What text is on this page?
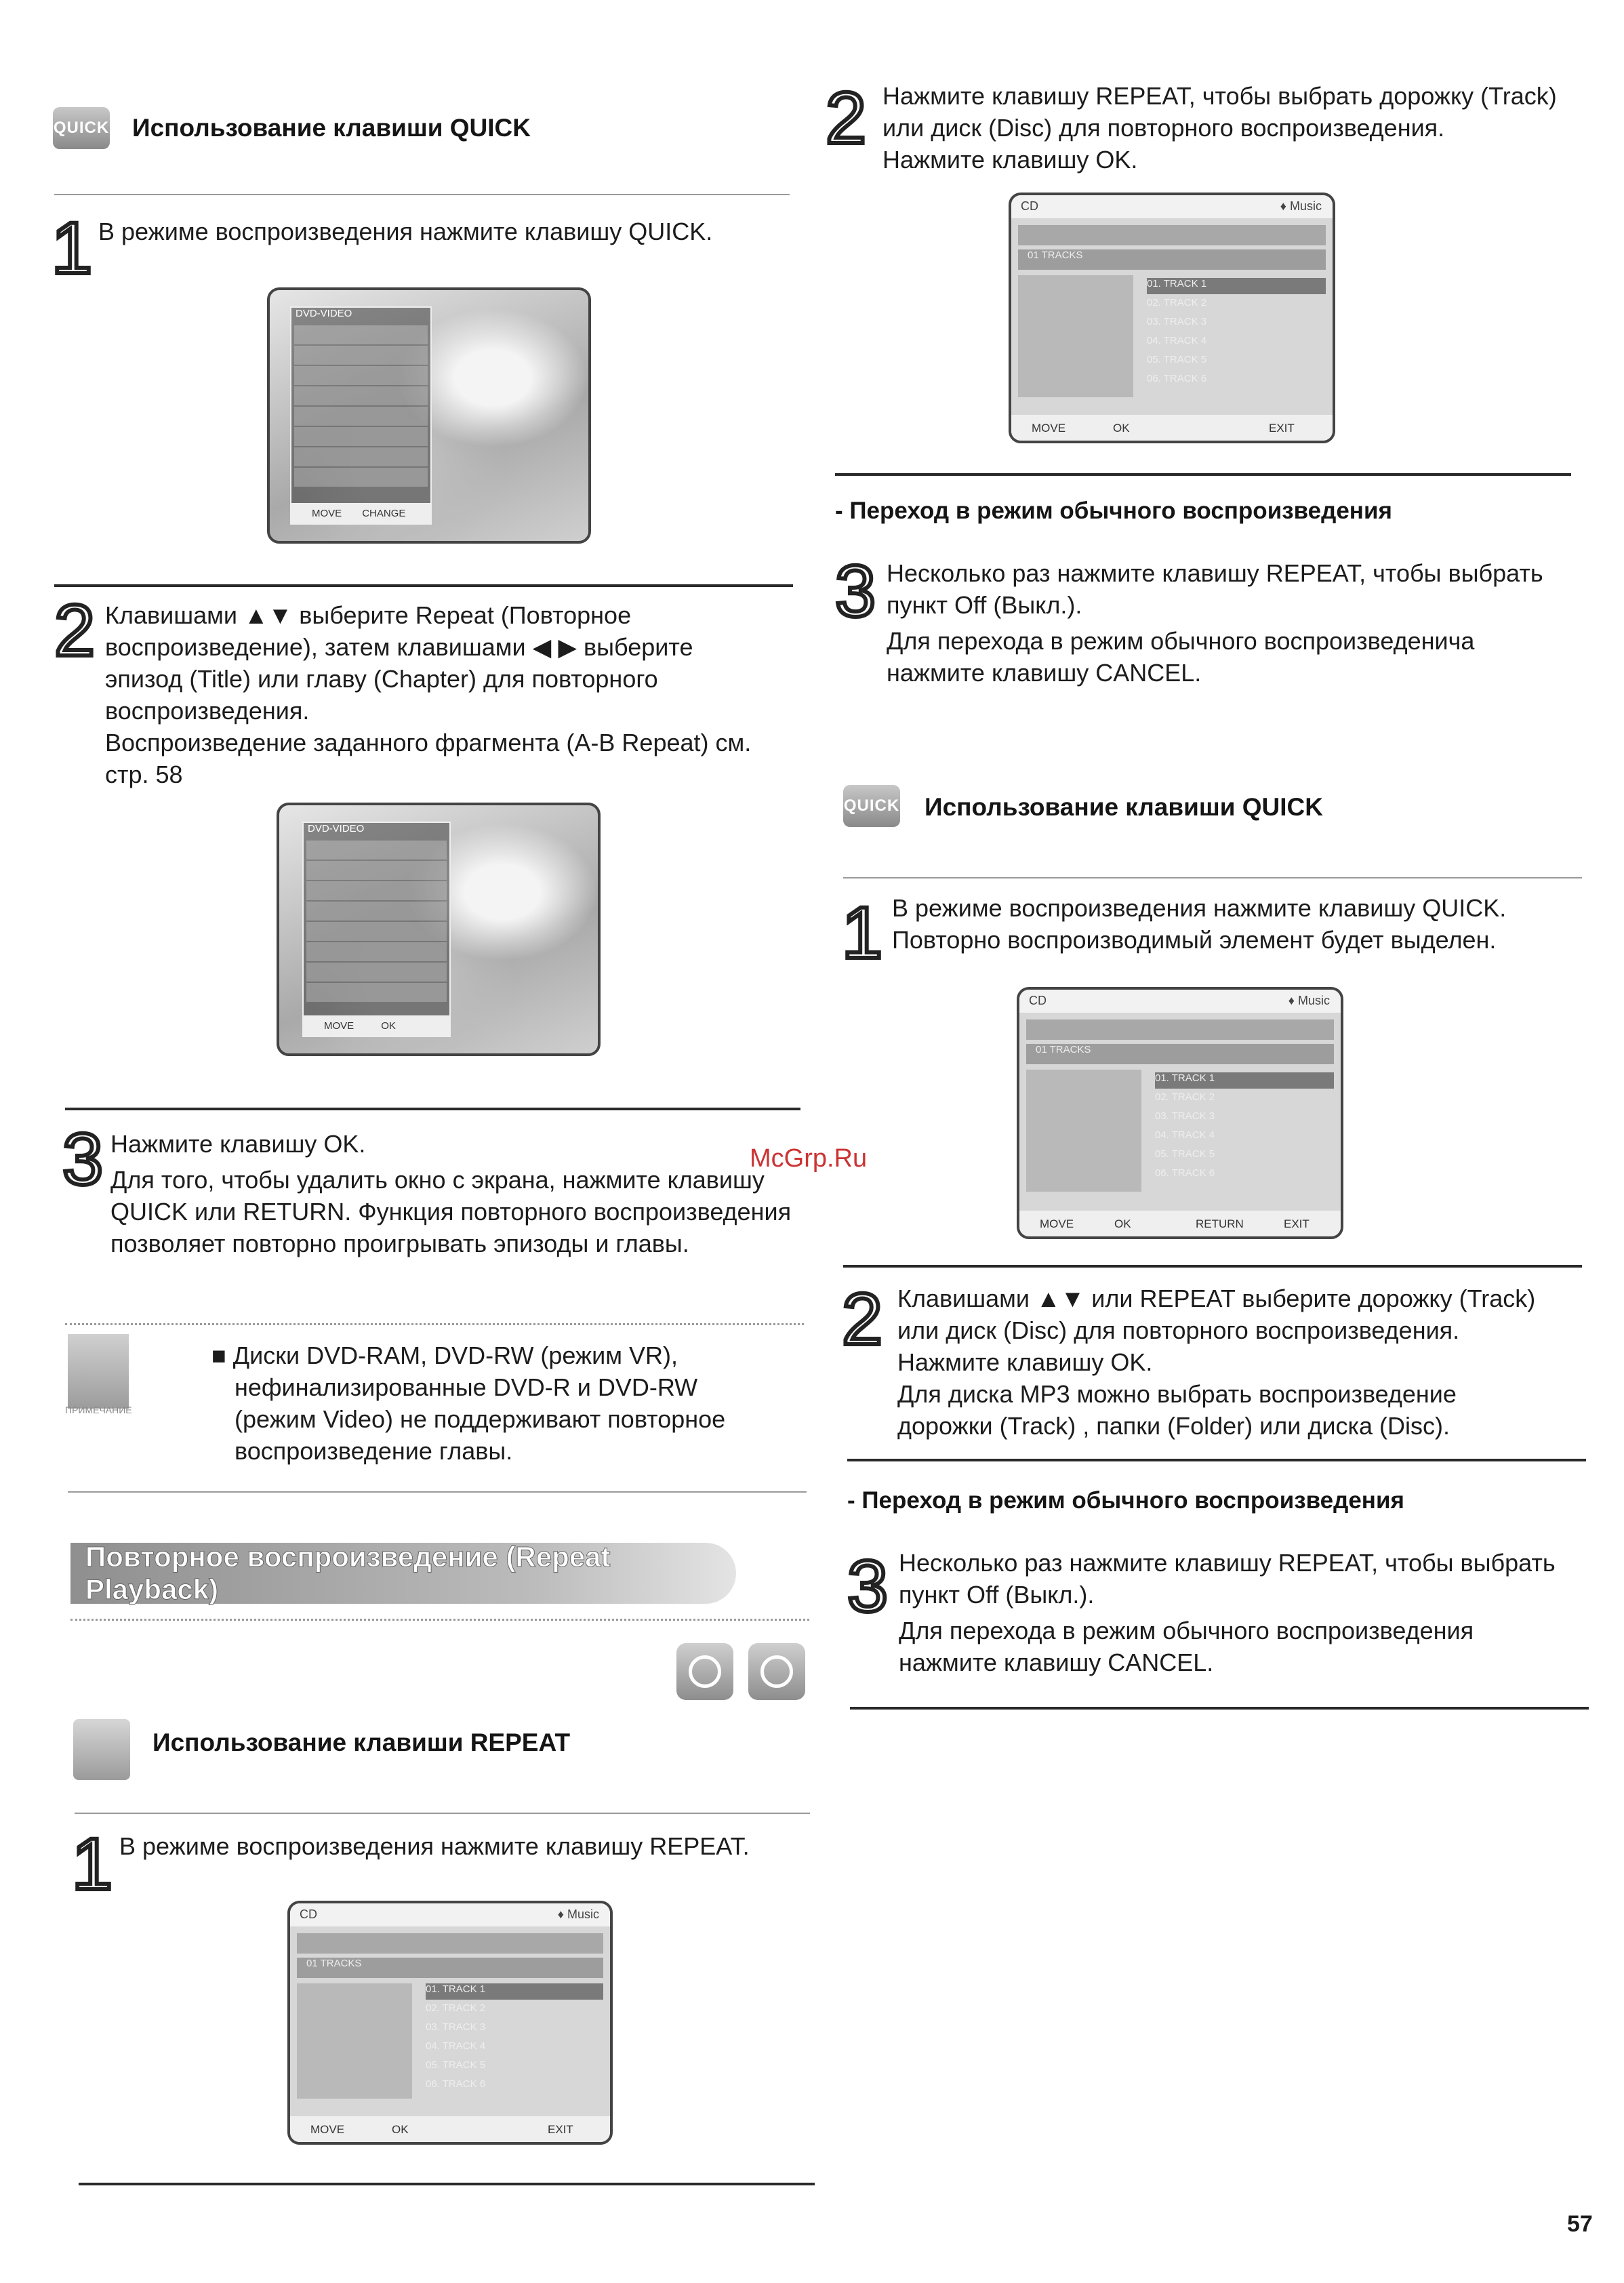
QUICK Использование клавиши QUICK
1 В режиме воспроизведения нажмите клавишу QUICK.
DVD-VIDEO
MOVE CHANGE
2 Клавишами ▲▼ выберите Repeat (Повторное
воспроизведение), затем клавишами ◀ ▶ выберите
эпизод (Title) или главу (Chapter) для повторного
воспроизведения.
Воспроизведение заданного фрагмента (A-B Repeat) см.
стр. 58
DVD-VIDEO
MOVE	OK
3 Нажмите клавишу OK.
Для того, чтобы удалить окно с экрана, нажмите клавишу
QUICK или RETURN. Функция повторного воспроизведения
позволяет повторно проигрывать эпизоды и главы.
ПРИМЕЧАНИЕ
■ Диски DVD-RAM, DVD-RW (режим VR),
нефинализированные DVD-R и DVD-RW
(режим Video) не поддерживают повторное
воспроизведение главы.
Повторное воспроизведение (Repeat Playback)
Использование клавиши REPEAT
1 В режиме воспроизведения нажмите клавишу REPEAT.
CD	♦ Music
01 TRACKS
01. TRACK 1
02. TRACK 2
03. TRACK 3
04. TRACK 4
05. TRACK 5
06. TRACK 6
MOVE	OK	EXIT
2 Нажмите клавишу REPEAT, чтобы выбрать дорожку (Track)
или диск (Disc) для повторного воспроизведения.
Нажмите клавишу OK.
CD	♦ Music
01 TRACKS
01. TRACK 1
02. TRACK 2
03. TRACK 3
04. TRACK 4
05. TRACK 5
06. TRACK 6
MOVE	OK	EXIT
- Переход в режим обычного воспроизведения
3 Несколько раз нажмите клавишу REPEAT, чтобы выбрать
пункт Off (Выкл.).
Для перехода в режим обычного воспроизведенича
нажмите клавишу CANCEL.
QUICK Использование клавиши QUICK
1 В режиме воспроизведения нажмите клавишу QUICK.
Повторно воспроизводимый элемент будет выделен.
CD	♦ Music
01 TRACKS
01. TRACK 1
02. TRACK 2
03. TRACK 3
04. TRACK 4
05. TRACK 5
06. TRACK 6
MOVE	OK	RETURN	EXIT
2 Клавишами ▲▼ или REPEAT выберите дорожку (Track)
или диск (Disc) для повторного воспроизведения.
Нажмите клавишу OK.
Для диска MP3 можно выбрать воспроизведение
дорожки (Track) , папки (Folder) или диска (Disc).
- Переход в режим обычного воспроизведения
3 Несколько раз нажмите клавишу REPEAT, чтобы выбрать
пункт Off (Выкл.).
Для перехода в режим обычного воспроизведения
нажмите клавишу CANCEL.
McGrp.Ru
57
